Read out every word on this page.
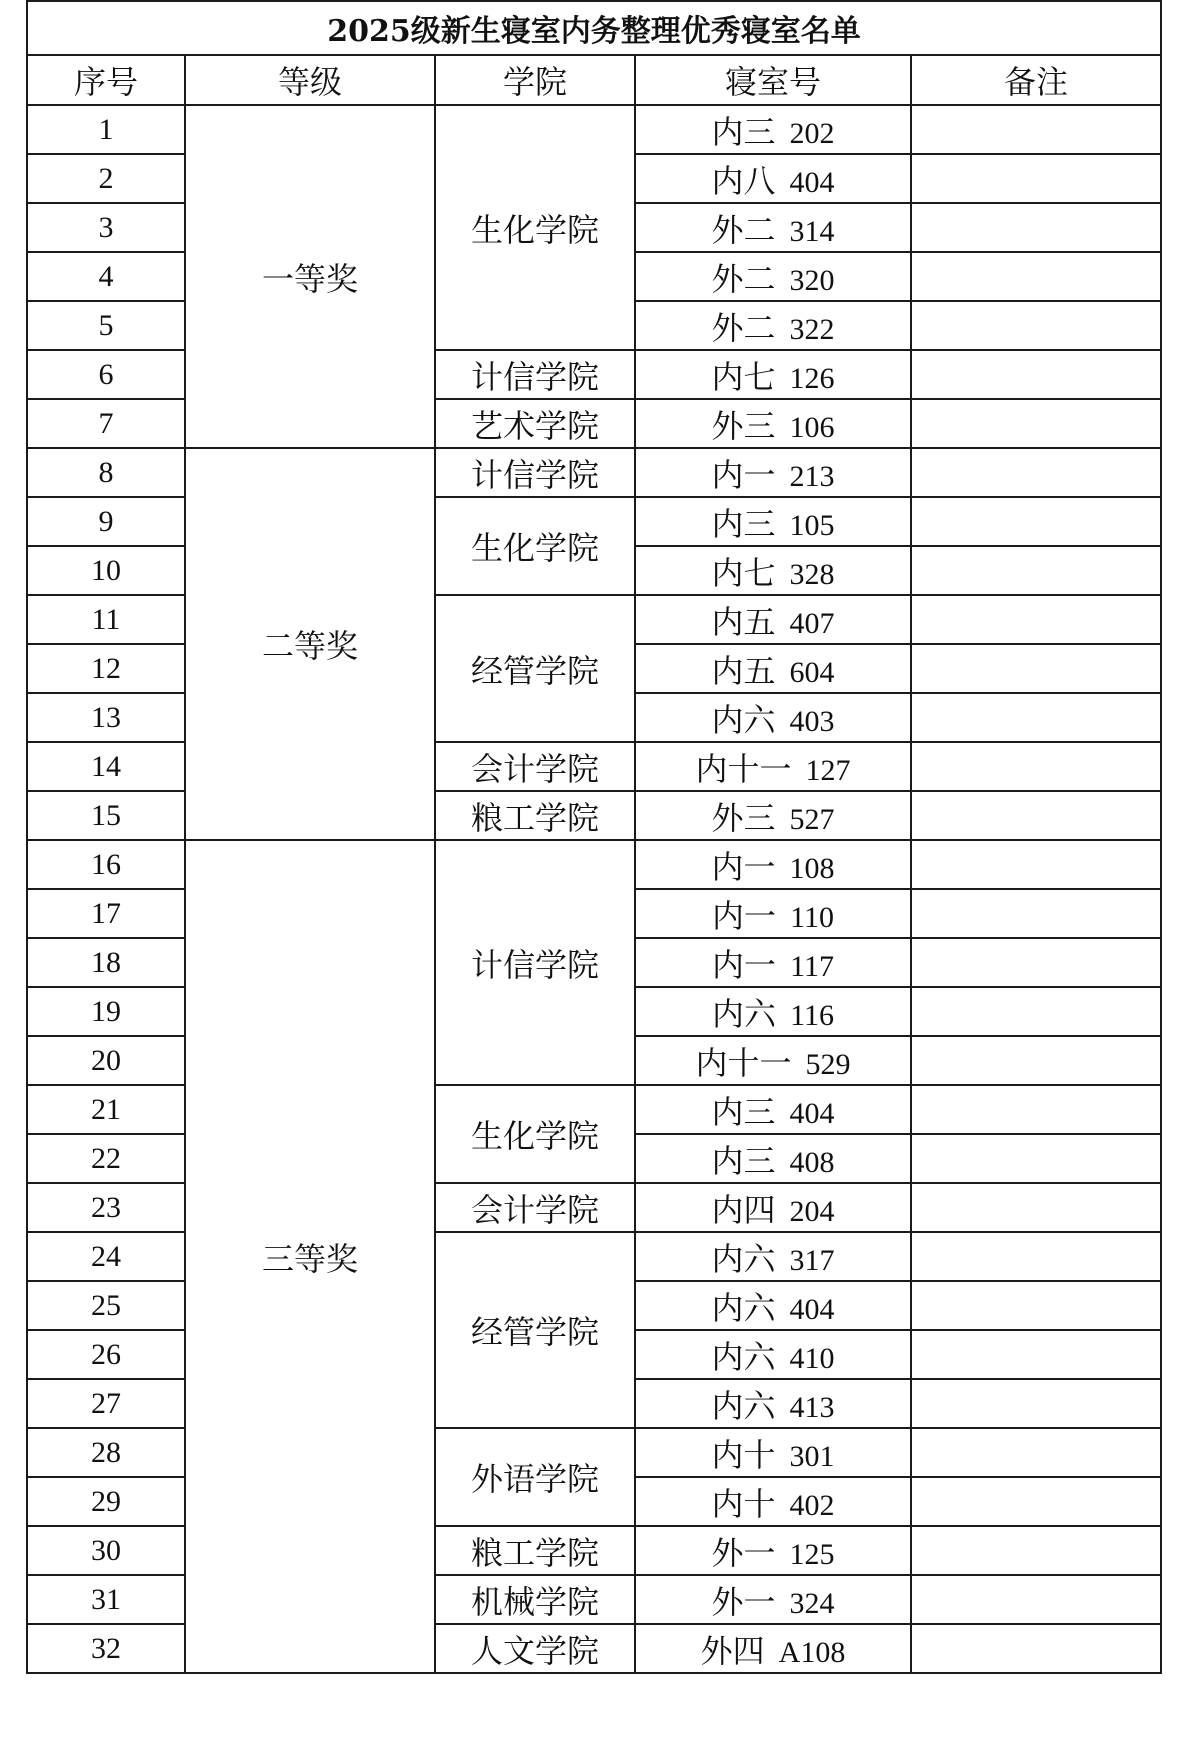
2025级新生寝室内务整理优秀寝室名单				
序号	等级	学院	寝室号	备注
1	一等奖	生化学院	内三 202	
2			内八 404	
3			外二 314	
4			外二 320	
5			外二 322	
6		计信学院	内七 126	
7		艺术学院	外三 106	
8	二等奖	计信学院	内一 213	
9		生化学院	内三 105	
10			内七 328	
11		经管学院	内五 407	
12			内五 604	
13			内六 403	
14		会计学院	内十一 127	
15		粮工学院	外三 527	
16	三等奖	计信学院	内一 108	
17			内一 110	
18			内一 117	
19			内六 116	
20			内十一 529	
21		生化学院	内三 404	
22			内三 408	
23		会计学院	内四 204	
24		经管学院	内六 317	
25			内六 404	
26			内六 410	
27			内六 413	
28		外语学院	内十 301	
29			内十 402	
30		粮工学院	外一 125	
31		机械学院	外一 324	
32		人文学院	外四 A108	
